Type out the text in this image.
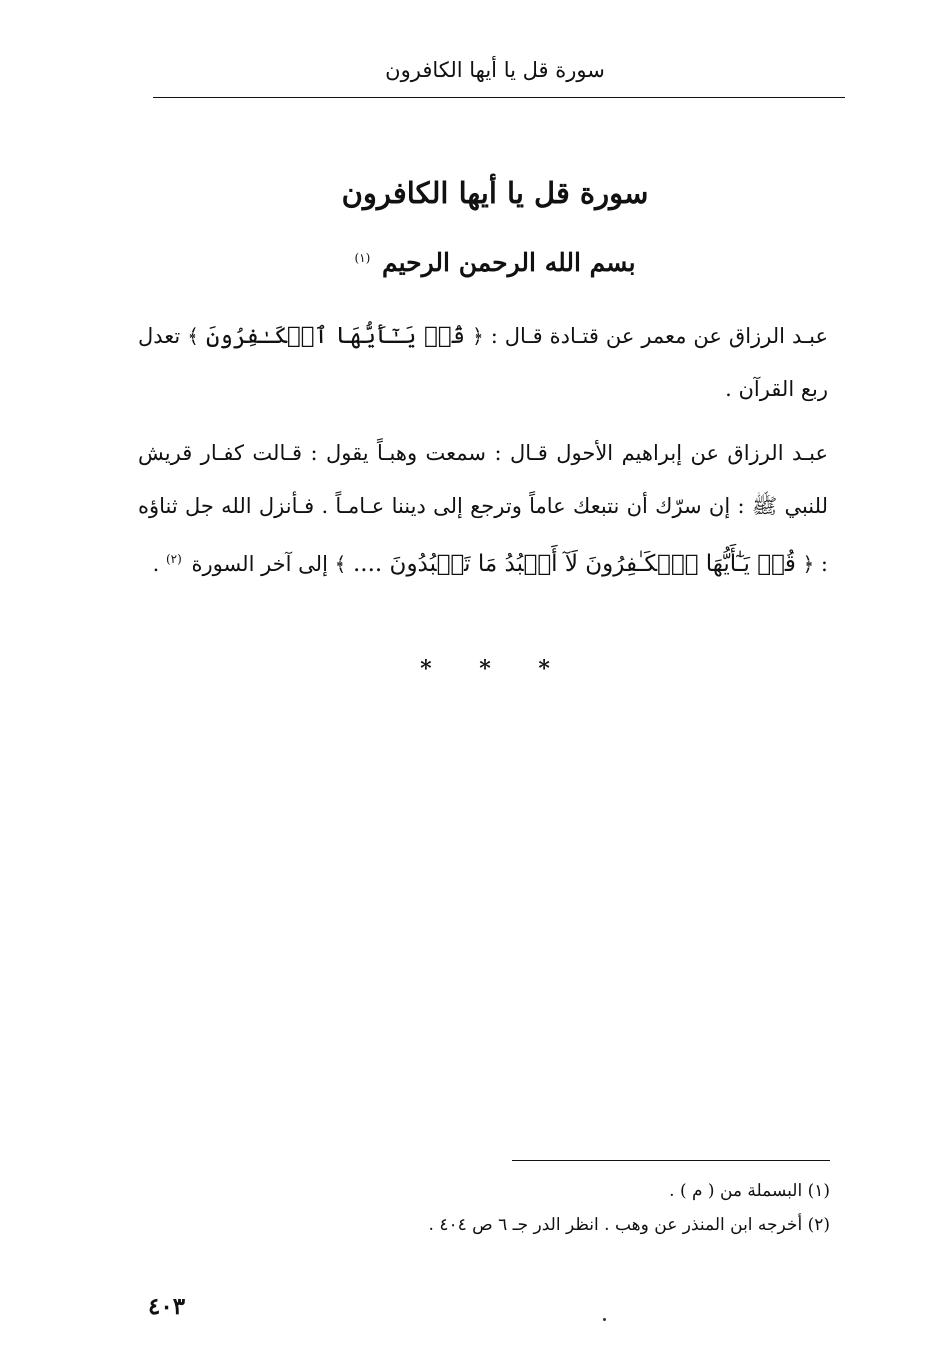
سورة قل يا أيها الكافرون
سورة قل يا أيها الكافرون
بسم الله الرحمن الرحيم $^{(١)}$

عبـد الرزاق عن معمر عن قتـادة قـال : ﴿ قُلۡ يَـٰٓأَيُّهَا ٱلۡكَـٰفِرُونَ ﴾ تعدل ربع القرآن .

عبـد الرزاق عن إبراهيم الأحول قـال : سمعت وهبـاً يقول : قـالت كفـار قريش للنبي ﷺ : إن سرّك أن نتبعك عاماً وترجع إلى ديننا عـامـاً . فـأنزل الله جل ثناؤه : ﴿ قُلۡ يَـٰٓأَيُّهَا ٱلۡكَـٰفِرُونَ لَآ أَعۡبُدُ مَا تَعۡبُدُونَ .... ﴾ إلى آخر السورة $^{(٢)}$ .

* * *
(١) البسملة من ( م ) .
(٢) أخرجه ابن المنذر عن وهب . انظر الدر جـ ٦ ص ٤٠٤ .
٤٠٣
